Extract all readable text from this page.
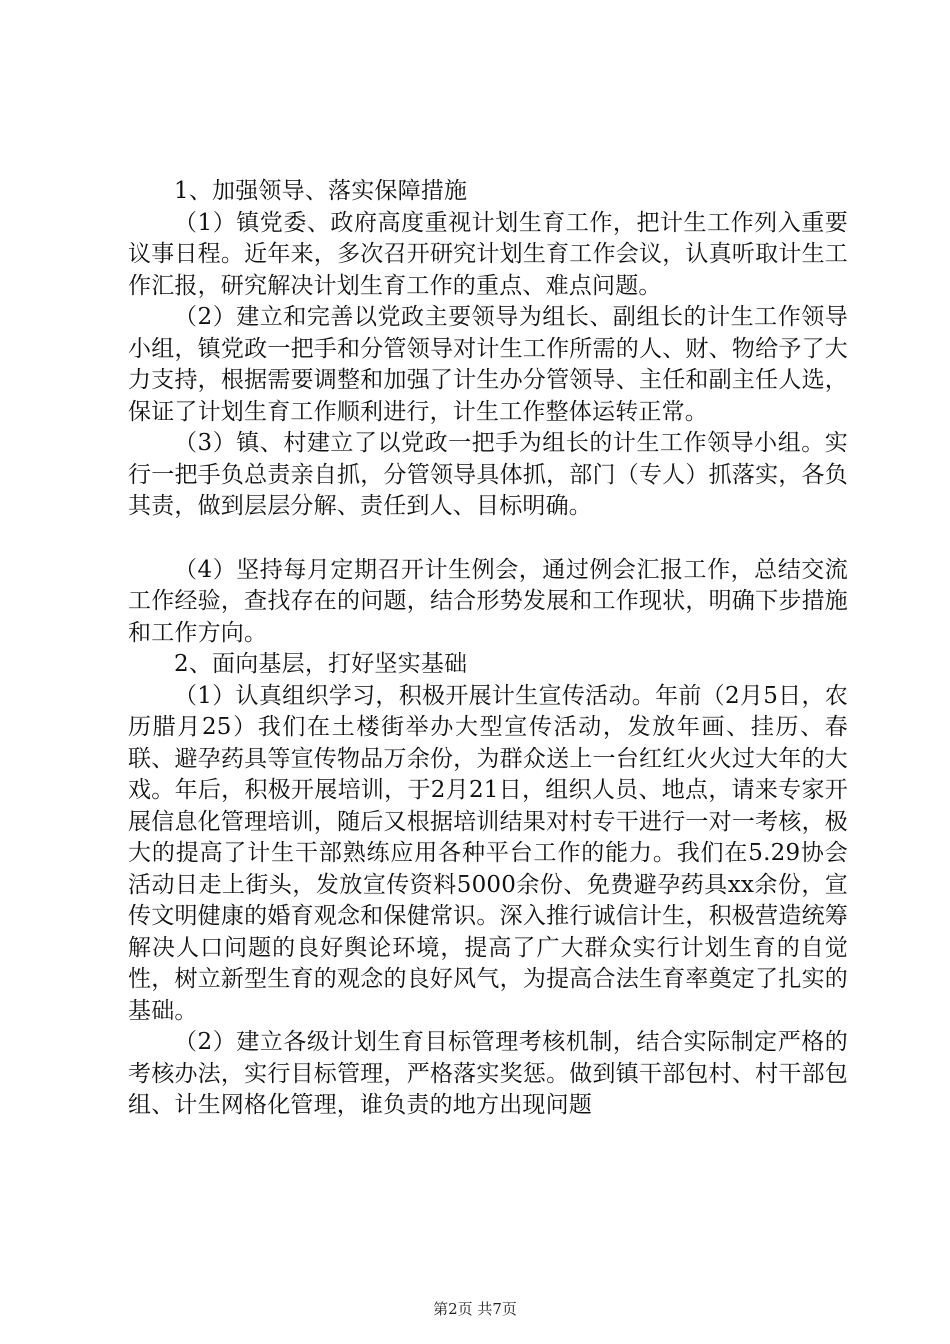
1、加强领导、落实保障措施

（1）镇党委、政府高度重视计划生育工作，把计生工作列入重要议事日程。近年来，多次召开研究计划生育工作会议，认真听取计生工作汇报，研究解决计划生育工作的重点、难点问题。

（2）建立和完善以党政主要领导为组长、副组长的计生工作领导小组，镇党政一把手和分管领导对计生工作所需的人、财、物给予了大力支持，根据需要调整和加强了计生办分管领导、主任和副主任人选，保证了计划生育工作顺利进行，计生工作整体运转正常。

（3）镇、村建立了以党政一把手为组长的计生工作领导小组。实行一把手负总责亲自抓，分管领导具体抓，部门（专人）抓落实，各负其责，做到层层分解、责任到人、目标明确。

（4）坚持每月定期召开计生例会，通过例会汇报工作，总结交流工作经验，查找存在的问题，结合形势发展和工作现状，明确下步措施和工作方向。

2、面向基层，打好坚实基础

（1）认真组织学习，积极开展计生宣传活动。年前（2月5日，农历腊月25）我们在土楼街举办大型宣传活动，发放年画、挂历、春联、避孕药具等宣传物品万余份，为群众送上一台红红火火过大年的大戏。年后，积极开展培训，于2月21日，组织人员、地点，请来专家开展信息化管理培训，随后又根据培训结果对村专干进行一对一考核，极大的提高了计生干部熟练应用各种平台工作的能力。我们在5.29协会活动日走上街头，发放宣传资料5000余份、免费避孕药具xx余份，宣传文明健康的婚育观念和保健常识。深入推行诚信计生，积极营造统筹解决人口问题的良好舆论环境，提高了广大群众实行计划生育的自觉性，树立新型生育的观念的良好风气，为提高合法生育率奠定了扎实的基础。

（2）建立各级计划生育目标管理考核机制，结合实际制定严格的考核办法，实行目标管理，严格落实奖惩。做到镇干部包村、村干部包组、计生网格化管理，谁负责的地方出现问题

第2页 共7页
